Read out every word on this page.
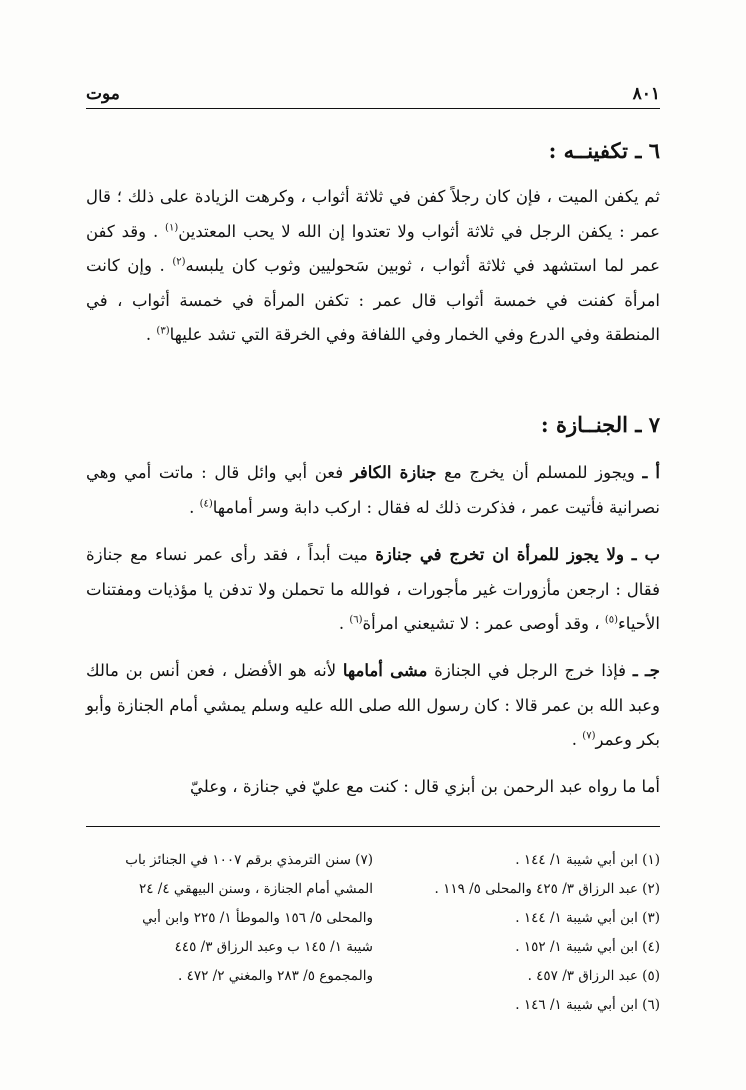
٨٠١
موت
٦ ـ تكفينــه :

ثم يكفن الميت ، فإن كان رجلاً كفن في ثلاثة أثواب ، وكرهت الزيادة على ذلك ؛ قال عمر : يكفن الرجل في ثلاثة أثواب ولا تعتدوا إن الله لا يحب المعتدين$^{(١)}$ . وقد كفن عمر لما استشهد في ثلاثة أثواب ، ثوبين سَحوليين وثوب كان يلبسه$^{(٢)}$ . وإن كانت امرأة كفنت في خمسة أثواب قال عمر : تكفن المرأة في خمسة أثواب ، في المنطقة وفي الدرع وفي الخمار وفي اللفافة وفي الخرقة التي تشد عليها$^{(٣)}$ .

٧ ـ الجنــازة :

أ ـ ويجوز للمسلم أن يخرج مع جنازة الكافر فعن أبي وائل قال : ماتت أمي وهي نصرانية فأتيت عمر ، فذكرت ذلك له فقال : اركب دابة وسر أمامها$^{(٤)}$ .

ب ـ ولا يجوز للمرأة ان تخرج في جنازة ميت أبداً ، فقد رأى عمر نساء مع جنازة فقال : ارجعن مأزورات غير مأجورات ، فوالله ما تحملن ولا تدفن يا مؤذيات ومفتنات الأحياء$^{(٥)}$ ، وقد أوصى عمر : لا تشيعني امرأة$^{(٦)}$ .

جـ ـ فإذا خرج الرجل في الجنازة مشى أمامها لأنه هو الأفضل ، فعن أنس بن مالك وعبد الله بن عمر قالا : كان رسول الله صلى الله عليه وسلم يمشي أمام الجنازة وأبو بكر وعمر$^{(٧)}$ .

أما ما رواه عبد الرحمن بن أبزي قال : كنت مع عليّ في جنازة ، وعليّ

(١) ابن أبي شيبة ١/ ١٤٤ .
(٢) عبد الرزاق ٣/ ٤٢٥ والمحلى ٥/ ١١٩ .
(٣) ابن أبي شيبة ١/ ١٤٤ .
(٤) ابن أبي شيبة ١/ ١٥٢ .
(٥) عبد الرزاق ٣/ ٤٥٧ .
(٦) ابن أبي شيبة ١/ ١٤٦ .
(٧) سنن الترمذي برقم ١٠٠٧ في الجنائز باب
المشي أمام الجنازة ، وسنن البيهقي ٤/ ٢٤
والمحلى ٥/ ١٥٦ والموطأ ١/ ٢٢٥ وابن أبي
شيبة ١/ ١٤٥ ب وعبد الرزاق ٣/ ٤٤٥
والمجموع ٥/ ٢٨٣ والمغني ٢/ ٤٧٢ .
